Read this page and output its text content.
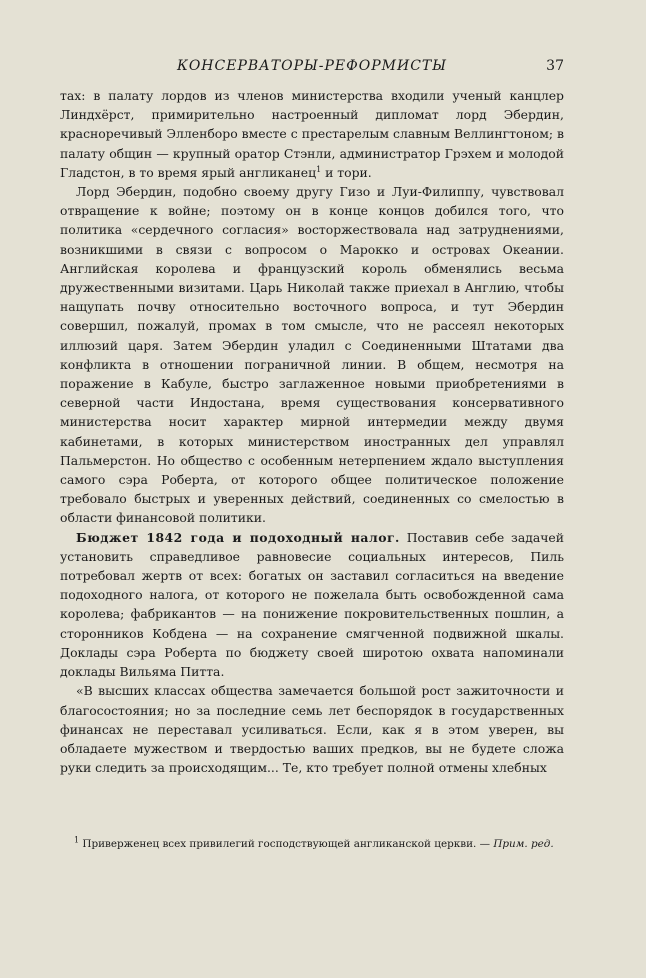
КОНСЕРВАТОРЫ-РЕФОРМИСТЫ	37

тах: в палату лордов из членов министерства входили ученый канцлер Линдхёрст, примирительно настроенный дипломат лорд Эбердин, красноречивый Элленборо вместе с престарелым славным Веллингтоном; в палату общин — крупный оратор Стэнли, администратор Грэхем и молодой Гладстон, в то время ярый англиканец$^1$ и тори.

Лорд Эбердин, подобно своему другу Гизо и Луи-Филиппу, чувствовал отвращение к войне; поэтому он в конце концов добился того, что политика «сердечного согласия» восторжествовала над затруднениями, возникшими в связи с вопросом о Марокко и островах Океании. Английская королева и французский король обменялись весьма дружественными визитами. Царь Николай также приехал в Англию, чтобы нащупать почву относительно восточного вопроса, и тут Эбердин совершил, пожалуй, промах в том смысле, что не рассеял некоторых иллюзий царя. Затем Эбердин уладил с Соединенными Штатами два конфликта в отношении пограничной линии. В общем, несмотря на поражение в Кабуле, быстро заглаженное новыми приобретениями в северной части Индостана, время существования консервативного министерства носит характер мирной интермедии между двумя кабинетами, в которых министерством иностранных дел управлял Пальмерстон. Но общество с особенным нетерпением ждало выступления самого сэра Роберта, от которого общее политическое положение требовало быстрых и уверенных действий, соединенных со смелостью в области финансовой политики.

Бюджет 1842 года и подоходный налог. Поставив себе задачей установить справедливое равновесие социальных интересов, Пиль потребовал жертв от всех: богатых он заставил согласиться на введение подоходного налога, от которого не пожелала быть освобожденной сама королева; фабрикантов — на понижение покровительственных пошлин, а сторонников Кобдена — на сохранение смягченной подвижной шкалы. Доклады сэра Роберта по бюджету своей широтою охвата напоминали доклады Вильяма Питта.

«В высших классах общества замечается большой рост зажиточности и благосостояния; но за последние семь лет беспорядок в государственных финансах не переставал усиливаться. Если, как я в этом уверен, вы обладаете мужеством и твердостью ваших предков, вы не будете сложа руки следить за происходящим... Те, кто требует полной отмены хлебных

$^1$ Приверженец всех привилегий господствующей англиканской церкви. — Прим. ред.
